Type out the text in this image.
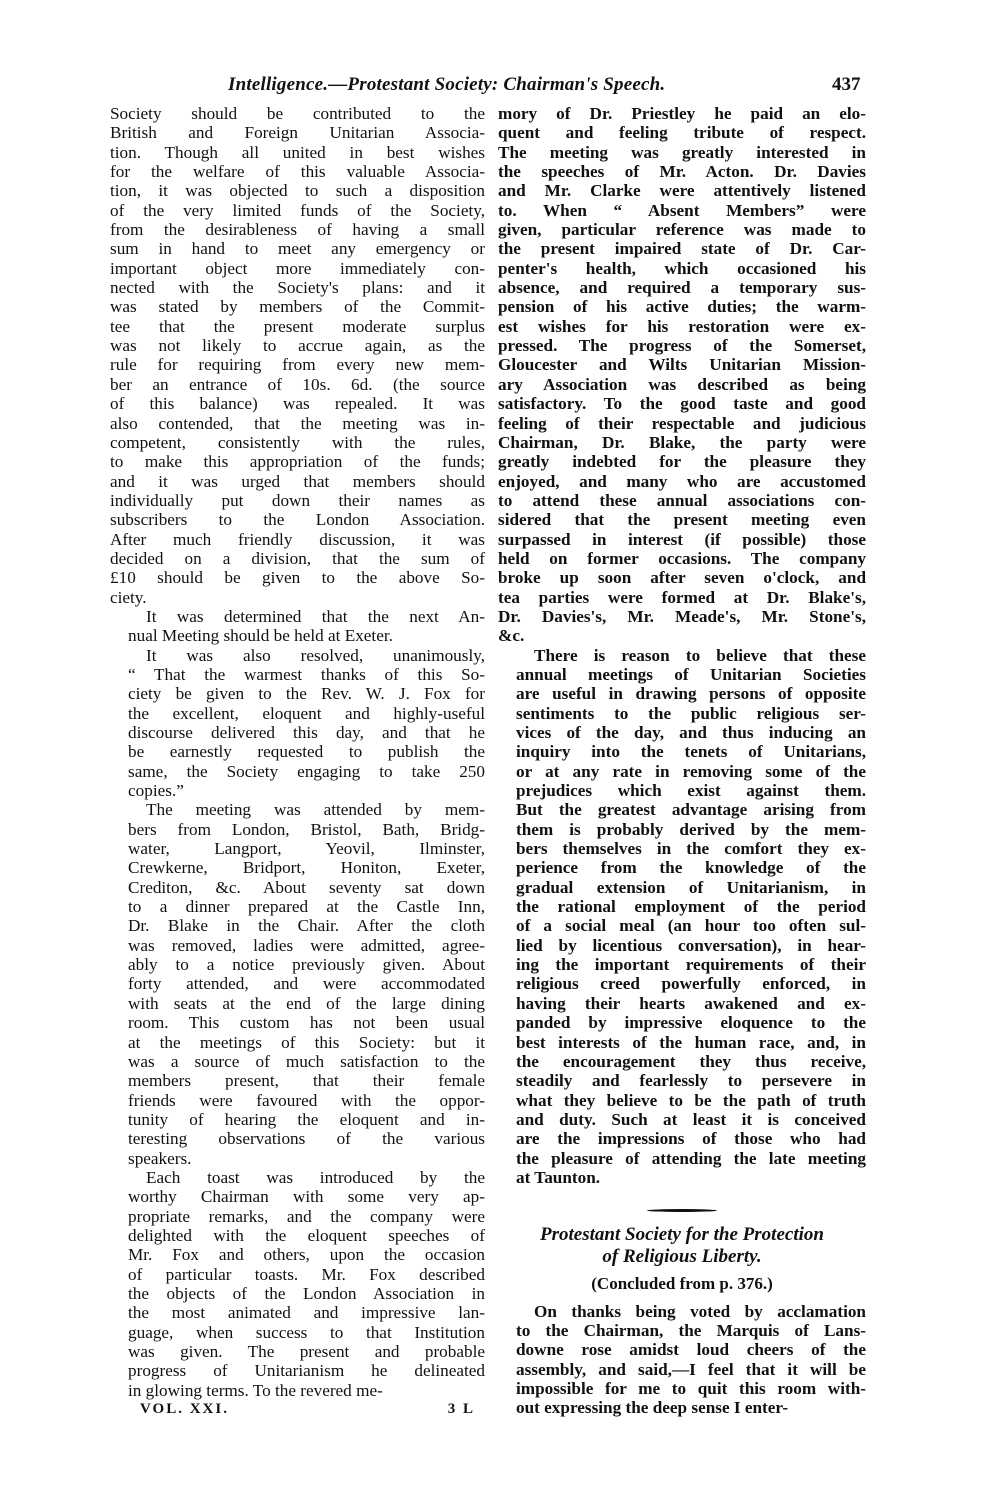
Intelligence.—Protestant Society: Chairman's Speech.	437

Society should be contributed to the
British and Foreign Unitarian Associa-
tion. Though all united in best wishes
for the welfare of this valuable Associa-
tion, it was objected to such a disposition
of the very limited funds of the Society,
from the desirableness of having a small
sum in hand to meet any emergency or
important object more immediately con-
nected with the Society's plans: and it
was stated by members of the Commit-
tee that the present moderate surplus
was not likely to accrue again, as the
rule for requiring from every new mem-
ber an entrance of 10s. 6d. (the source
of this balance) was repealed. It was
also contended, that the meeting was in-
competent, consistently with the rules,
to make this appropriation of the funds;
and it was urged that members should
individually put down their names as
subscribers to the London Association.
After much friendly discussion, it was
decided on a division, that the sum of
£10 should be given to the above So-
ciety.

It was determined that the next An-
nual Meeting should be held at Exeter.

It was also resolved, unanimously,
“ That the warmest thanks of this So-
ciety be given to the Rev. W. J. Fox for
the excellent, eloquent and highly-useful
discourse delivered this day, and that he
be earnestly requested to publish the
same, the Society engaging to take 250
copies.”

The meeting was attended by mem-
bers from London, Bristol, Bath, Bridg-
water, Langport, Yeovil, Ilminster,
Crewkerne, Bridport, Honiton, Exeter,
Crediton, &c. About seventy sat down
to a dinner prepared at the Castle Inn,
Dr. Blake in the Chair. After the cloth
was removed, ladies were admitted, agree-
ably to a notice previously given. About
forty attended, and were accommodated
with seats at the end of the large dining
room. This custom has not been usual
at the meetings of this Society: but it
was a source of much satisfaction to the
members present, that their female
friends were favoured with the oppor-
tunity of hearing the eloquent and in-
teresting observations of the various
speakers.

Each toast was introduced by the
worthy Chairman with some very ap-
propriate remarks, and the company were
delighted with the eloquent speeches of
Mr. Fox and others, upon the occasion
of particular toasts. Mr. Fox described
the objects of the London Association in
the most animated and impressive lan-
guage, when success to that Institution
was given. The present and probable
progress of Unitarianism he delineated
in glowing terms. To the revered me-

VOL. XXI.	3 L

mory of Dr. Priestley he paid an elo-
quent and feeling tribute of respect.
The meeting was greatly interested in
the speeches of Mr. Acton. Dr. Davies
and Mr. Clarke were attentively listened
to. When “ Absent Members” were
given, particular reference was made to
the present impaired state of Dr. Car-
penter's health, which occasioned his
absence, and required a temporary sus-
pension of his active duties; the warm-
est wishes for his restoration were ex-
pressed. The progress of the Somerset,
Gloucester and Wilts Unitarian Mission-
ary Association was described as being
satisfactory. To the good taste and good
feeling of their respectable and judicious
Chairman, Dr. Blake, the party were
greatly indebted for the pleasure they
enjoyed, and many who are accustomed
to attend these annual associations con-
sidered that the present meeting even
surpassed in interest (if possible) those
held on former occasions. The company
broke up soon after seven o'clock, and
tea parties were formed at Dr. Blake's,
Dr. Davies's, Mr. Meade's, Mr. Stone's,
&c.

There is reason to believe that these
annual meetings of Unitarian Societies
are useful in drawing persons of opposite
sentiments to the public religious ser-
vices of the day, and thus inducing an
inquiry into the tenets of Unitarians,
or at any rate in removing some of the
prejudices which exist against them.
But the greatest advantage arising from
them is probably derived by the mem-
bers themselves in the comfort they ex-
perience from the knowledge of the
gradual extension of Unitarianism, in
the rational employment of the period
of a social meal (an hour too often sul-
lied by licentious conversation), in hear-
ing the important requirements of their
religious creed powerfully enforced, in
having their hearts awakened and ex-
panded by impressive eloquence to the
best interests of the human race, and, in
the encouragement they thus receive,
steadily and fearlessly to persevere in
what they believe to be the path of truth
and duty. Such at least it is conceived
are the impressions of those who had
the pleasure of attending the late meeting
at Taunton.

Protestant Society for the Protection
of Religious Liberty.
(Concluded from p. 376.)

On thanks being voted by acclamation
to the Chairman, the Marquis of Lans-
downe rose amidst loud cheers of the
assembly, and said,—I feel that it will be
impossible for me to quit this room with-
out expressing the deep sense I enter-
